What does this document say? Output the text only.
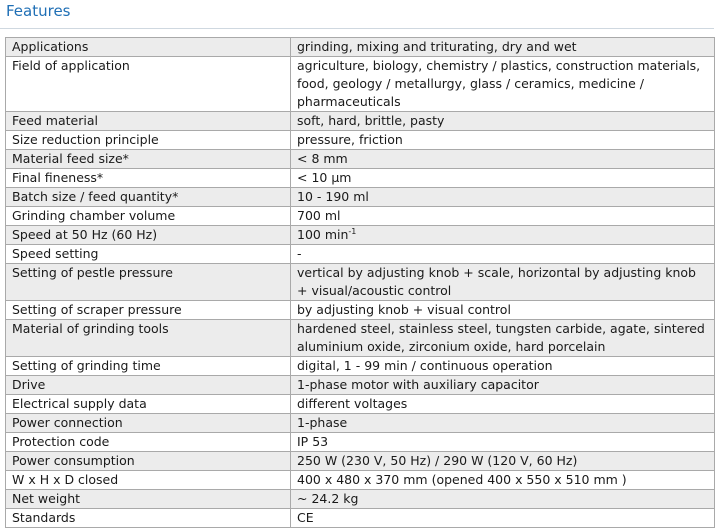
Features
Applications	grinding, mixing and triturating, dry and wet
Field of application	agriculture, biology, chemistry / plastics, construction materials, food, geology / metallurgy, glass / ceramics, medicine / pharmaceuticals
Feed material	soft, hard, brittle, pasty
Size reduction principle	pressure, friction
Material feed size*	< 8 mm
Final fineness*	< 10 µm
Batch size / feed quantity*	10 - 190 ml
Grinding chamber volume	700 ml
Speed at 50 Hz (60 Hz)	100 $\min^{-1}$
Speed setting	-
Setting of pestle pressure	vertical by adjusting knob + scale, horizontal by adjusting knob + visual/acoustic control
Setting of scraper pressure	by adjusting knob + visual control
Material of grinding tools	hardened steel, stainless steel, tungsten carbide, agate, sintered aluminium oxide, zirconium oxide, hard porcelain
Setting of grinding time	digital, 1 - 99 min / continuous operation
Drive	1-phase motor with auxiliary capacitor
Electrical supply data	different voltages
Power connection	1-phase
Protection code	IP 53
Power consumption	250 W (230 V, 50 Hz) / 290 W (120 V, 60 Hz)
W x H x D closed	400 x 480 x 370 mm (opened 400 x 550 x 510 mm )
Net weight	~ 24.2 kg
Standards	CE
